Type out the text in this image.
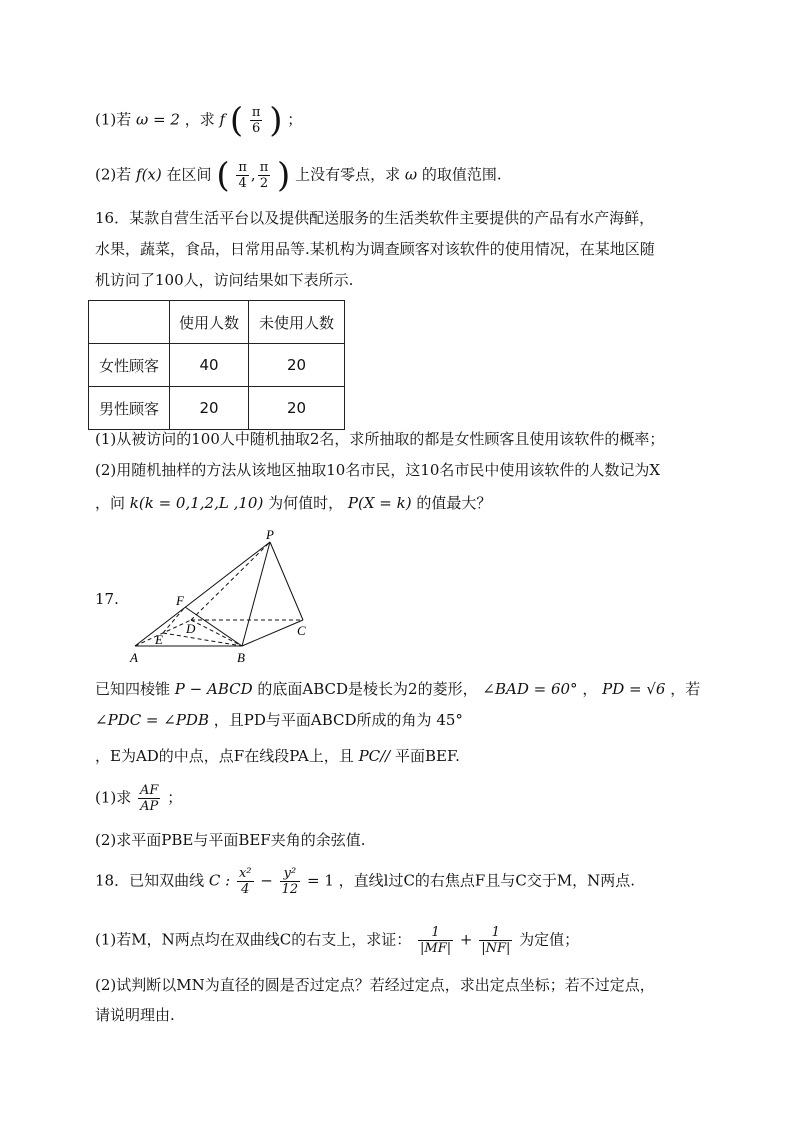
(1)若 ω = 2 ，求 f ( $\frac{\pi}{6}$ ) ；
(2)若 f(x) 在区间 ( $\frac{\pi}{4}$ , $\frac{\pi}{2}$ ) 上没有零点，求 ω 的取值范围.
16．某款自营生活平台以及提供配送服务的生活类软件主要提供的产品有水产海鲜，
水果，蔬菜，食品，日常用品等.某机构为调查顾客对该软件的使用情况，在某地区随
机访问了100人，访问结果如下表所示.
	使用人数	未使用人数
女性顾客	40	20
男性顾客	20	20
(1)从被访问的100人中随机抽取2名，求所抽取的都是女性顾客且使用该软件的概率；
(2)用随机抽样的方法从该地区抽取10名市民，这10名市民中使用该软件的人数记为X
，问 k(k = 0,1,2,L ,10) 为何值时， P(X = k) 的值最大？
17.
P
F
D
E
A	B
C
已知四棱锥 P − ABCD 的底面ABCD是棱长为2的菱形， ∠BAD = 60° ， PD = √6 ，若
∠PDC = ∠PDB ，且PD与平面ABCD所成的角为 45°
，E为AD的中点，点F在线段PA上，且 PC// 平面BEF.
(1)求 $\frac{AF}{AP}$ ；
(2)求平面PBE与平面BEF夹角的余弦值.
18．已知双曲线 C : $\frac{\text{x²}}{4} - \frac{\text{y²}}{12} = 1$ ，直线l过C的右焦点F且与C交于M，N两点.
(1)若M，N两点均在双曲线C的右支上，求证： $\frac{1}{|MF|} + \frac{1}{|NF|}$ 为定值；
(2)试判断以MN为直径的圆是否过定点？若经过定点，求出定点坐标；若不过定点，
请说明理由.
